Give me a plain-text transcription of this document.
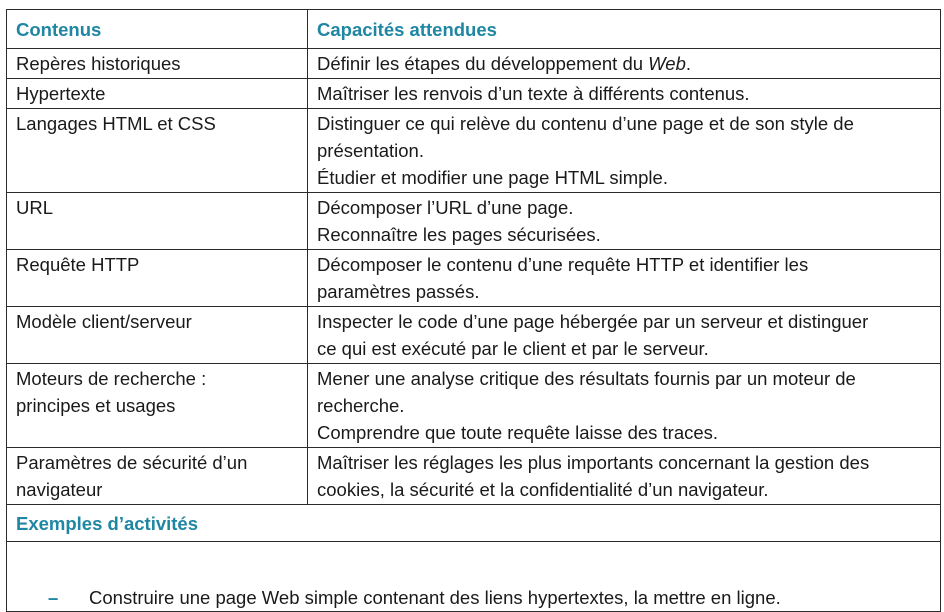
Contenus	Capacités attendues

Repères historiques	Définir les étapes du développement du Web.

Hypertexte	Maîtriser les renvois d’un texte à différents contenus.

Langages HTML et CSS	Distinguer ce qui relève du contenu d’une page et de son style de
présentation.
Étudier et modifier une page HTML simple.

URL	Décomposer l’URL d’une page.
Reconnaître les pages sécurisées.

Requête HTTP	Décomposer le contenu d’une requête HTTP et identifier les
paramètres passés.

Modèle client/serveur	Inspecter le code d’une page hébergée par un serveur et distinguer
ce qui est exécuté par le client et par le serveur.

Moteurs de recherche :
principes et usages	Mener une analyse critique des résultats fournis par un moteur de
recherche.
Comprendre que toute requête laisse des traces.

Paramètres de sécurité d’un
navigateur	Maîtriser les réglages les plus importants concernant la gestion des
cookies, la sécurité et la confidentialité d’un navigateur.

Exemples d’activités	

– Construire une page Web simple contenant des liens hypertextes, la mettre en ligne.	
